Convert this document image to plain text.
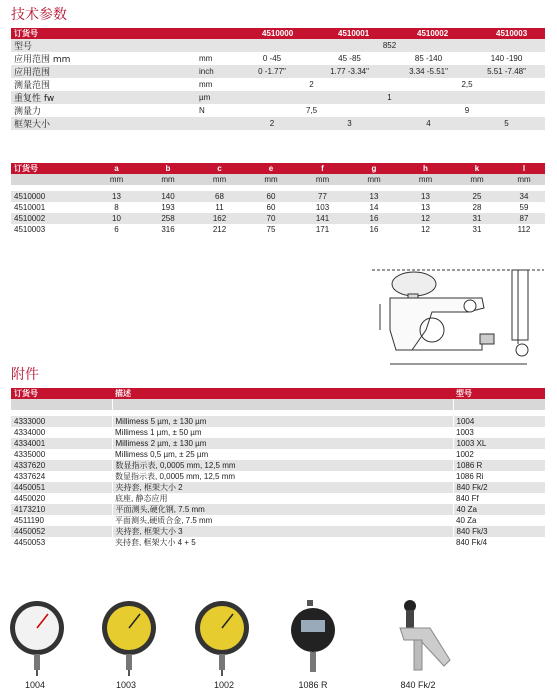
技术参数
订货号		4510000	4510001	4510002	4510003
型号		852			
应用范围 mm	mm	0 -45	45 -85	85 -140	140 -190
应用范围	inch	0 -1.77"	1.77 -3.34"	3.34 -5.51"	5.51 -7.48"
测量范围	mm	2		2,5	
重复性 fw	µm	1			
测量力	N	7,5		9	
框架大小		2	3	4	5
订货号	a	b	c	e	f	g	h	k	l
	mm	mm	mm	mm	mm	mm	mm	mm	mm

4510000	13	140	68	60	77	13	13	25	34
4510001	8	193	11	60	103	14	13	28	59
4510002	10	258	162	70	141	16	12	31	87
4510003	6	316	212	75	171	16	12	31	112
附件
订货号	描述	型号

4333000	Millimess 5 µm, ± 130 µm	1004
4334000	Millimess 1 µm, ± 50 µm	1003
4334001	Millimess 2 µm, ± 130 µm	1003 XL
4335000	Millimess 0,5 µm, ± 25 µm	1002
4337620	数显指示表, 0,0005 mm, 12,5 mm	1086 R
4337624	数显指示表, 0,0005 mm, 12,5 mm	1086 Ri
4450051	夹持套, 框架大小 2	840 Fk/2
4450020	底座, 静态应用	840 Ff
4173210	平面测头,硬化钢, 7.5 mm	40 Za
4511190	平面测头,硬质合金, 7.5 mm	40 Za
4450052	夹持套, 框架大小 3	840 Fk/3
4450053	夹持套, 框架大小 4 + 5	840 Fk/4
1004	1003	1002	1086 R	840 Fk/2
